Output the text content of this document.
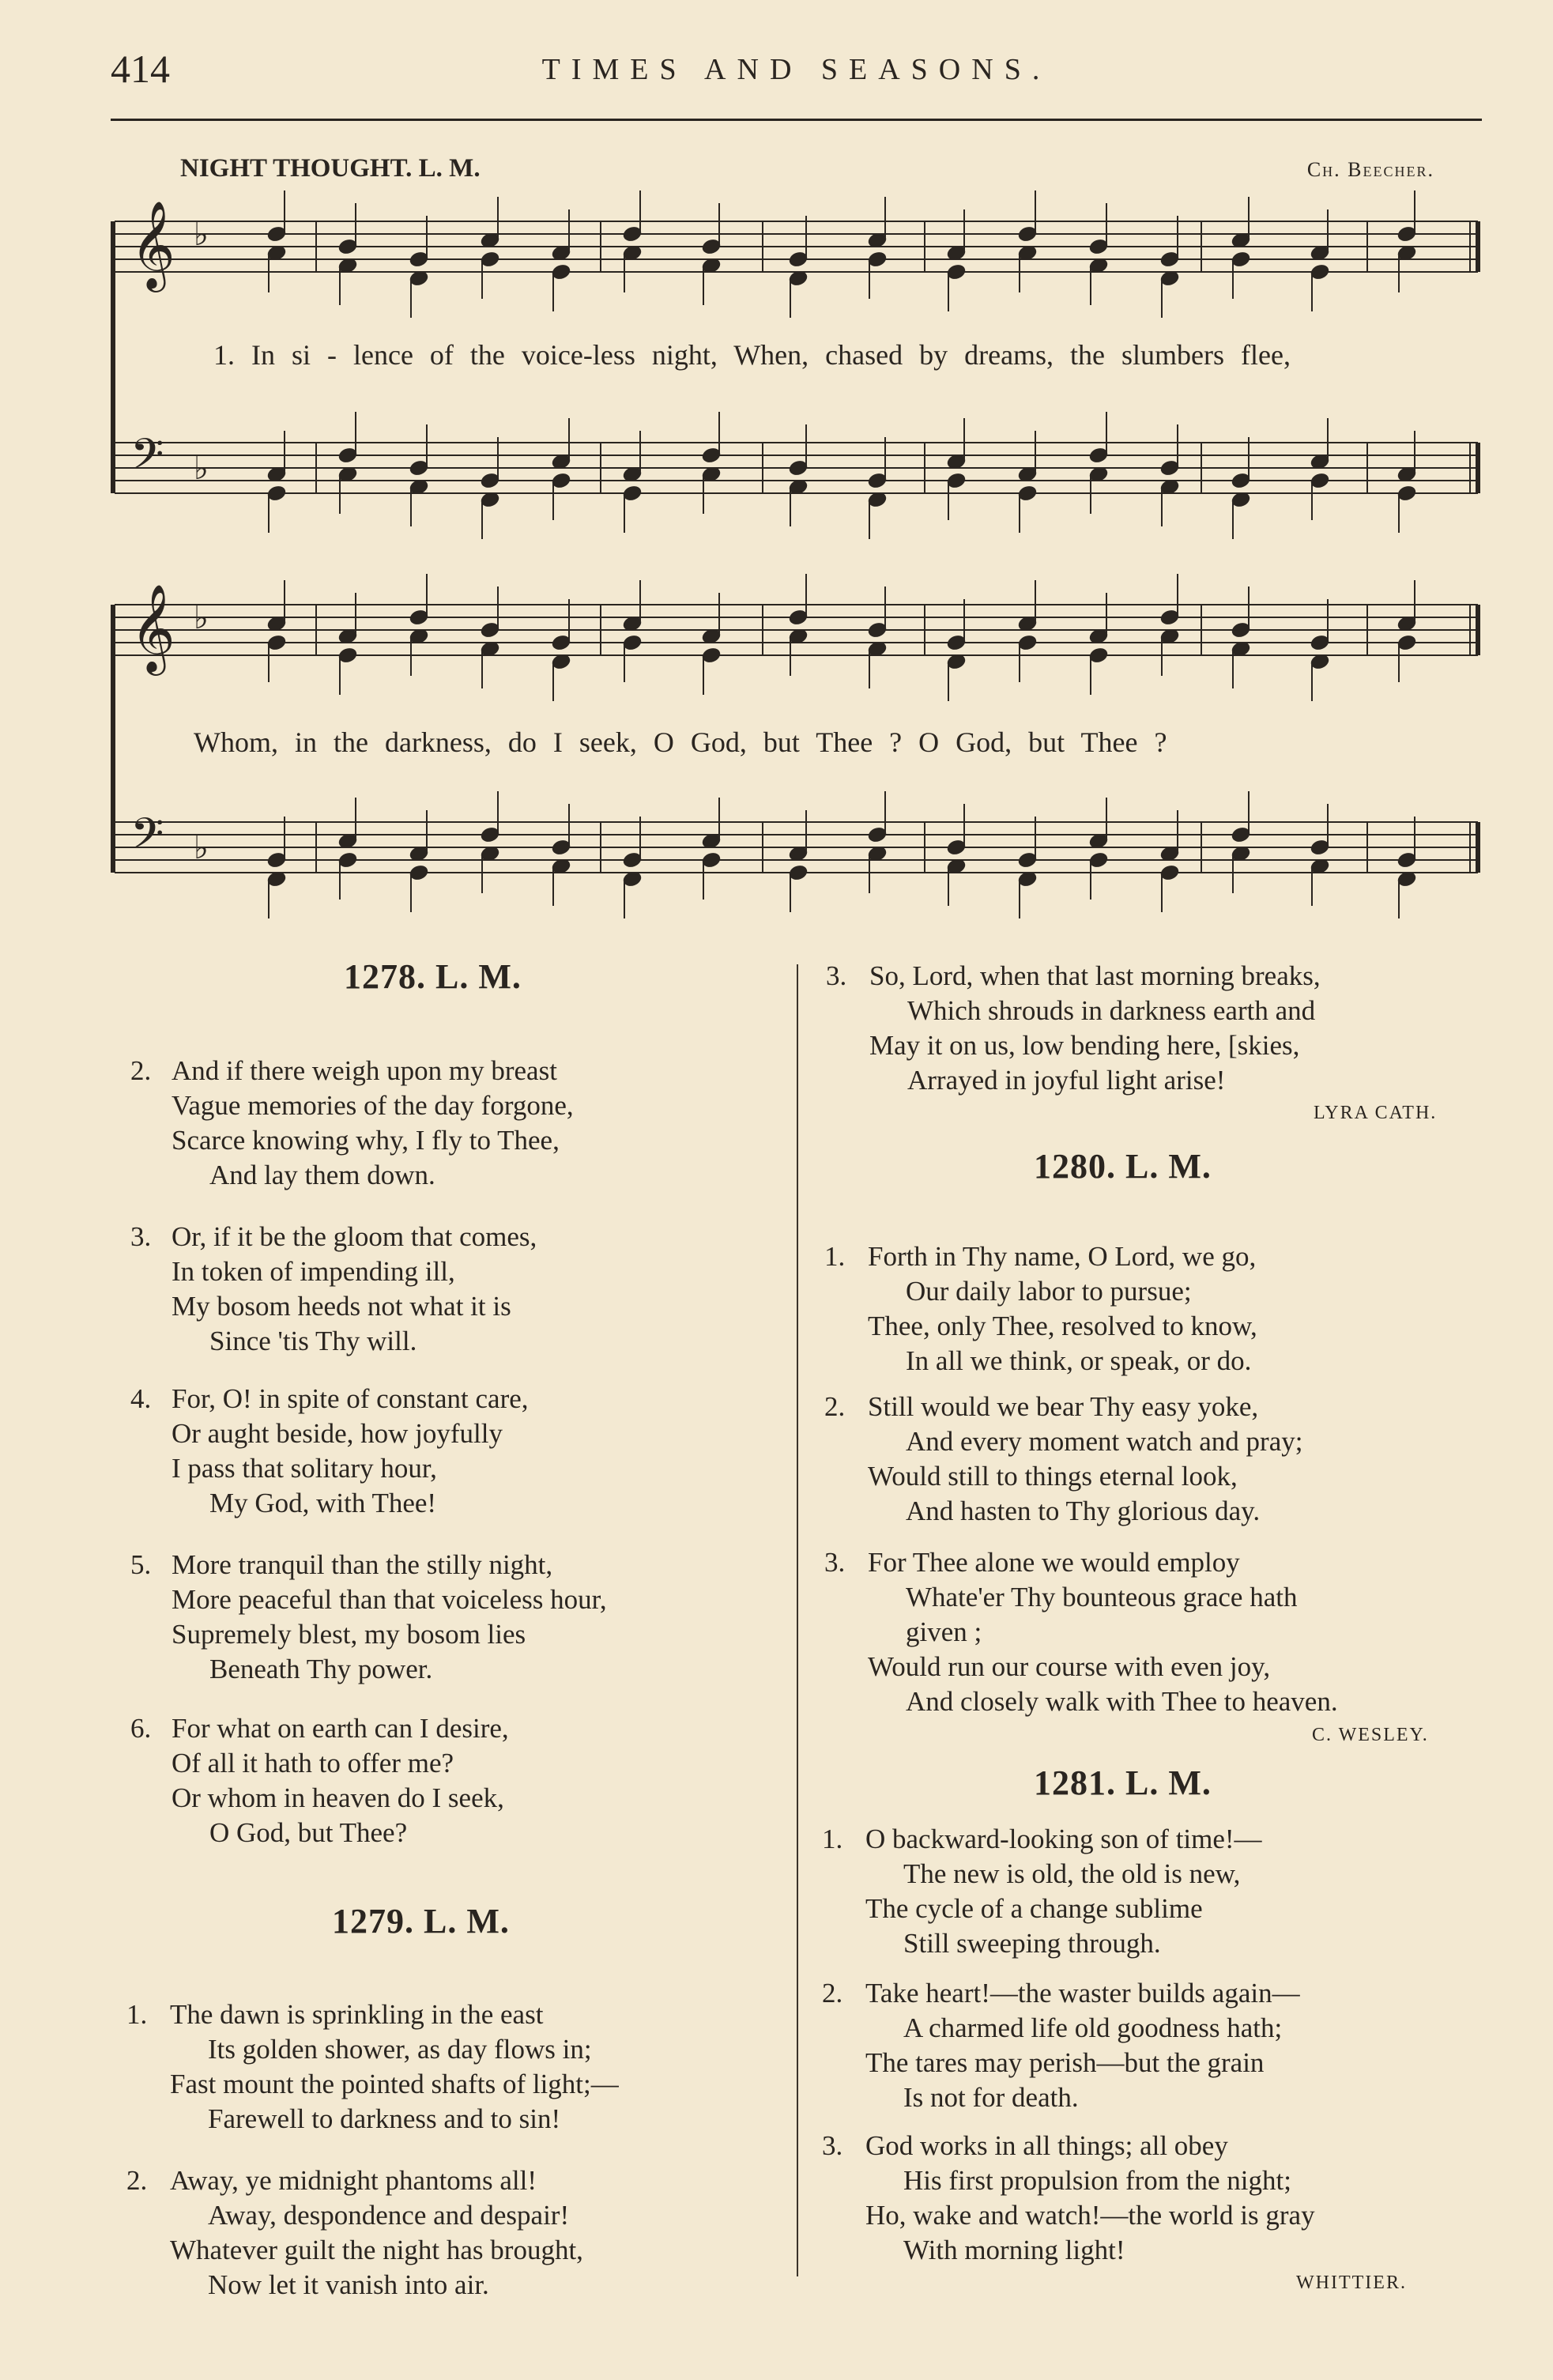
414	TIMES AND SEASONS.
NIGHT THOUGHT. L. M.	Ch. Beecher.
𝄞 ♭
𝄢 ♭
𝄞 ♭
𝄢 ♭
1. In si - lence of the voice-less night, When, chased by dreams, the slumbers flee,
Whom, in the darkness, do I seek, O God, but Thee ? O God, but Thee ?
1278. L. M.
2. And if there weigh upon my breast
Vague memories of the day forgone,
Scarce knowing why, I fly to Thee,
And lay them down.
3. Or, if it be the gloom that comes,
In token of impending ill,
My bosom heeds not what it is
Since 'tis Thy will.
4. For, O! in spite of constant care,
Or aught beside, how joyfully
I pass that solitary hour,
My God, with Thee!
5. More tranquil than the stilly night,
More peaceful than that voiceless hour,
Supremely blest, my bosom lies
Beneath Thy power.
6. For what on earth can I desire,
Of all it hath to offer me?
Or whom in heaven do I seek,
O God, but Thee?
1279. L. M.
1. The dawn is sprinkling in the east
Its golden shower, as day flows in;
Fast mount the pointed shafts of light;—
Farewell to darkness and to sin!
2. Away, ye midnight phantoms all!
Away, despondence and despair!
Whatever guilt the night has brought,
Now let it vanish into air.
3. So, Lord, when that last morning breaks,
Which shrouds in darkness earth and
May it on us, low bending here, [skies,
Arrayed in joyful light arise!
LYRA CATH.
1280. L. M.
1. Forth in Thy name, O Lord, we go,
Our daily labor to pursue;
Thee, only Thee, resolved to know,
In all we think, or speak, or do.
2. Still would we bear Thy easy yoke,
And every moment watch and pray;
Would still to things eternal look,
And hasten to Thy glorious day.
3. For Thee alone we would employ
Whate'er Thy bounteous grace hath
given ;
Would run our course with even joy,
And closely walk with Thee to heaven.
C. WESLEY.
1281. L. M.
1. O backward-looking son of time!—
The new is old, the old is new,
The cycle of a change sublime
Still sweeping through.
2. Take heart!—the waster builds again—
A charmed life old goodness hath;
The tares may perish—but the grain
Is not for death.
3. God works in all things; all obey
His first propulsion from the night;
Ho, wake and watch!—the world is gray
With morning light!
WHITTIER.
